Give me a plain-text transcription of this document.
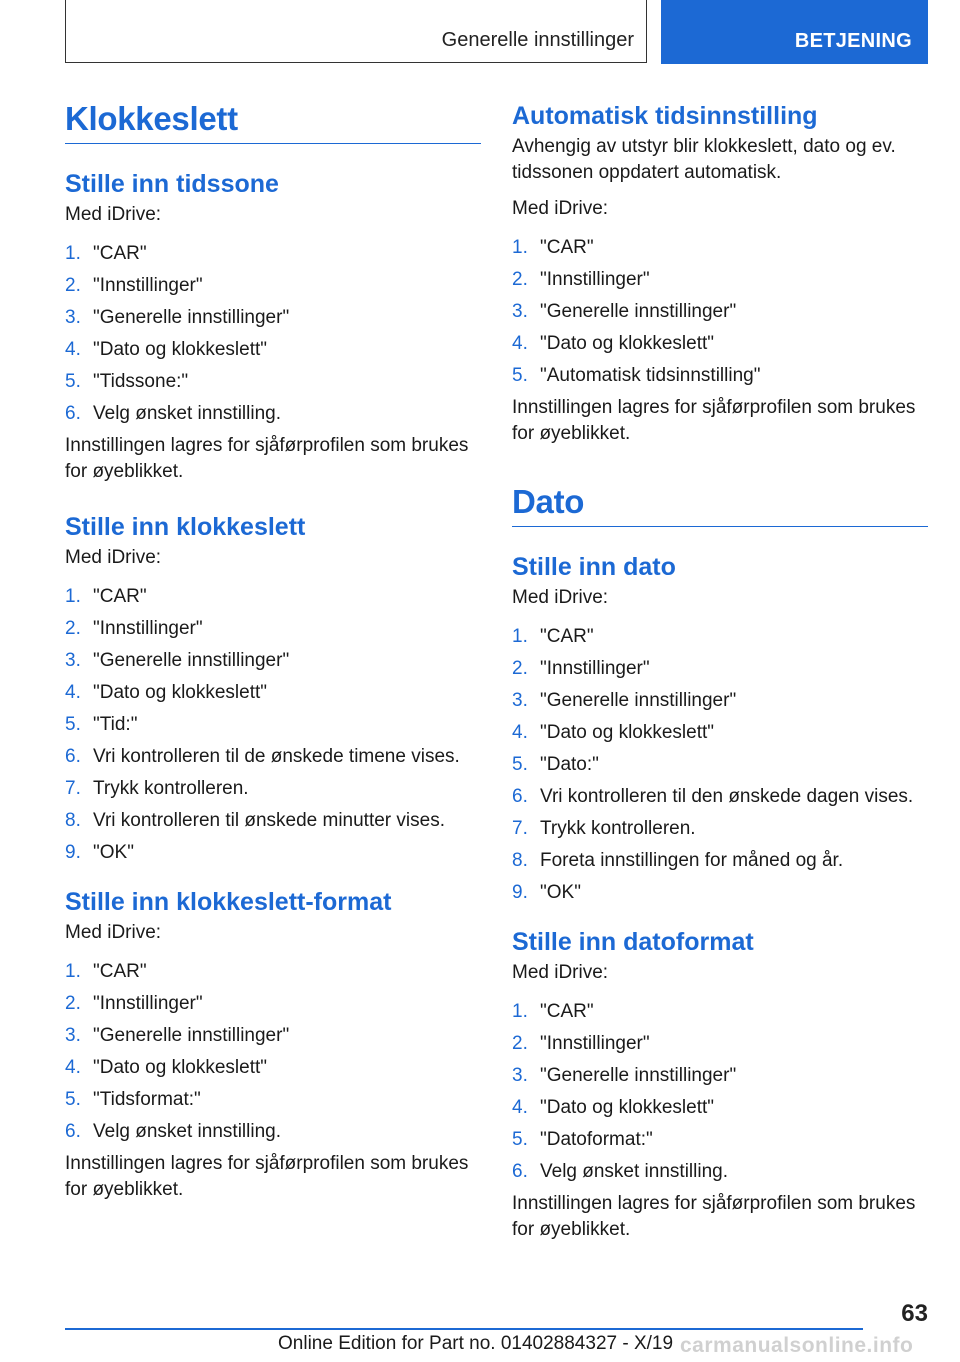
Generelle innstillinger	BETJENING
Klokkeslett
Stille inn tidssone

Med iDrive:

1. "CAR"
2. "Innstillinger"
3. "Generelle innstillinger"
4. "Dato og klokkeslett"
5. "Tidssone:"
6. Velg ønsket innstilling.

Innstillingen lagres for sjåførprofilen som brukes for øyeblikket.

Stille inn klokkeslett

Med iDrive:

1. "CAR"
2. "Innstillinger"
3. "Generelle innstillinger"
4. "Dato og klokkeslett"
5. "Tid:"
6. Vri kontrolleren til de ønskede timene vises.
7. Trykk kontrolleren.
8. Vri kontrolleren til ønskede minutter vises.
9. "OK"
Stille inn klokkeslett-format

Med iDrive:

1. "CAR"
2. "Innstillinger"
3. "Generelle innstillinger"
4. "Dato og klokkeslett"
5. "Tidsformat:"
6. Velg ønsket innstilling.

Innstillingen lagres for sjåførprofilen som brukes for øyeblikket.

Automatisk tidsinnstilling

Avhengig av utstyr blir klokkeslett, dato og ev. tidssonen oppdatert automatisk.

Med iDrive:

1. "CAR"
2. "Innstillinger"
3. "Generelle innstillinger"
4. "Dato og klokkeslett"
5. "Automatisk tidsinnstilling"

Innstillingen lagres for sjåførprofilen som brukes for øyeblikket.

Dato
Stille inn dato

Med iDrive:

1. "CAR"
2. "Innstillinger"
3. "Generelle innstillinger"
4. "Dato og klokkeslett"
5. "Dato:"
6. Vri kontrolleren til den ønskede dagen vises.
7. Trykk kontrolleren.
8. Foreta innstillingen for måned og år.
9. "OK"
Stille inn datoformat

Med iDrive:

1. "CAR"
2. "Innstillinger"
3. "Generelle innstillinger"
4. "Dato og klokkeslett"
5. "Datoformat:"
6. Velg ønsket innstilling.

Innstillingen lagres for sjåførprofilen som brukes for øyeblikket.

63
Online Edition for Part no. 01402884327 - X/19 carmanualsonline.info
